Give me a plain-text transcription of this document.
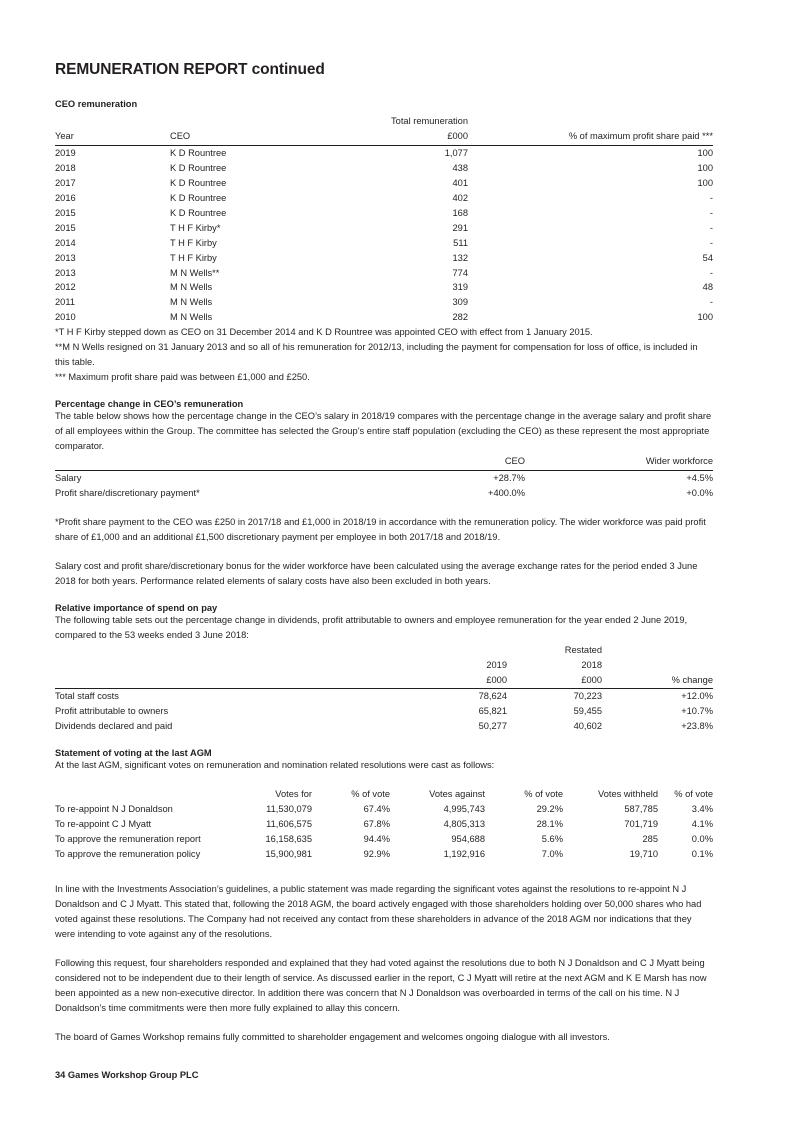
REMUNERATION REPORT continued
CEO remuneration
		Total remuneration	
Year	CEO	£000	% of maximum profit share paid ***
2019	K D Rountree	1,077	100
2018	K D Rountree	438	100
2017	K D Rountree	401	100
2016	K D Rountree	402	-
2015	K D Rountree	168	-
2015	T H F Kirby*	291	-
2014	T H F Kirby	511	-
2013	T H F Kirby	132	54
2013	M N Wells**	774	-
2012	M N Wells	319	48
2011	M N Wells	309	-
2010	M N Wells	282	100

*T H F Kirby stepped down as CEO on 31 December 2014 and K D Rountree was appointed CEO with effect from 1 January 2015.

**M N Wells resigned on 31 January 2013 and so all of his remuneration for 2012/13, including the payment for compensation for loss of office, is included in this table.

*** Maximum profit share paid was between £1,000 and £250.

Percentage change in CEO’s remuneration

The table below shows how the percentage change in the CEO’s salary in 2018/19 compares with the percentage change in the average salary and profit share of all employees within the Group. The committee has selected the Group’s entire staff population (excluding the CEO) as these represent the most appropriate comparator.

	CEO	Wider workforce
Salary	+28.7%	+4.5%
Profit share/discretionary payment*	+400.0%	+0.0%

*Profit share payment to the CEO was £250 in 2017/18 and £1,000 in 2018/19 in accordance with the remuneration policy. The wider workforce was paid profit share of £1,000 and an additional £1,500 discretionary payment per employee in both 2017/18 and 2018/19.

Salary cost and profit share/discretionary bonus for the wider workforce have been calculated using the average exchange rates for the period ended 3 June 2018 for both years. Performance related elements of salary costs have also been excluded in both years.

Relative importance of spend on pay

The following table sets out the percentage change in dividends, profit attributable to owners and employee remuneration for the year ended 2 June 2019, compared to the 53 weeks ended 3 June 2018:

		Restated	
	2019	2018	
	£000	£000	% change
Total staff costs	78,624	70,223	+12.0%
Profit attributable to owners	65,821	59,455	+10.7%
Dividends declared and paid	50,277	40,602	+23.8%
Statement of voting at the last AGM

At the last AGM, significant votes on remuneration and nomination related resolutions were cast as follows:

	Votes for	% of vote	Votes against	% of vote	Votes withheld	% of vote
To re-appoint N J Donaldson	11,530,079	67.4%	4,995,743	29.2%	587,785	3.4%
To re-appoint C J Myatt	11,606,575	67.8%	4,805,313	28.1%	701,719	4.1%
To approve the remuneration report	16,158,635	94.4%	954,688	5.6%	285	0.0%
To approve the remuneration policy	15,900,981	92.9%	1,192,916	7.0%	19,710	0.1%

In line with the Investments Association’s guidelines, a public statement was made regarding the significant votes against the resolutions to re-appoint N J Donaldson and C J Myatt. This stated that, following the 2018 AGM, the board actively engaged with those shareholders holding over 50,000 shares who had voted against these resolutions. The Company had not received any contact from these shareholders in advance of the 2018 AGM nor indications that they were intending to vote against any of the resolutions.

Following this request, four shareholders responded and explained that they had voted against the resolutions due to both N J Donaldson and C J Myatt being considered not to be independent due to their length of service. As discussed earlier in the report, C J Myatt will retire at the next AGM and K E Marsh has now been appointed as a new non-executive director. In addition there was concern that N J Donaldson was overboarded in terms of the call on his time. N J Donaldson’s time commitments were then more fully explained to allay this concern.

The board of Games Workshop remains fully committed to shareholder engagement and welcomes ongoing dialogue with all investors.

34 Games Workshop Group PLC
